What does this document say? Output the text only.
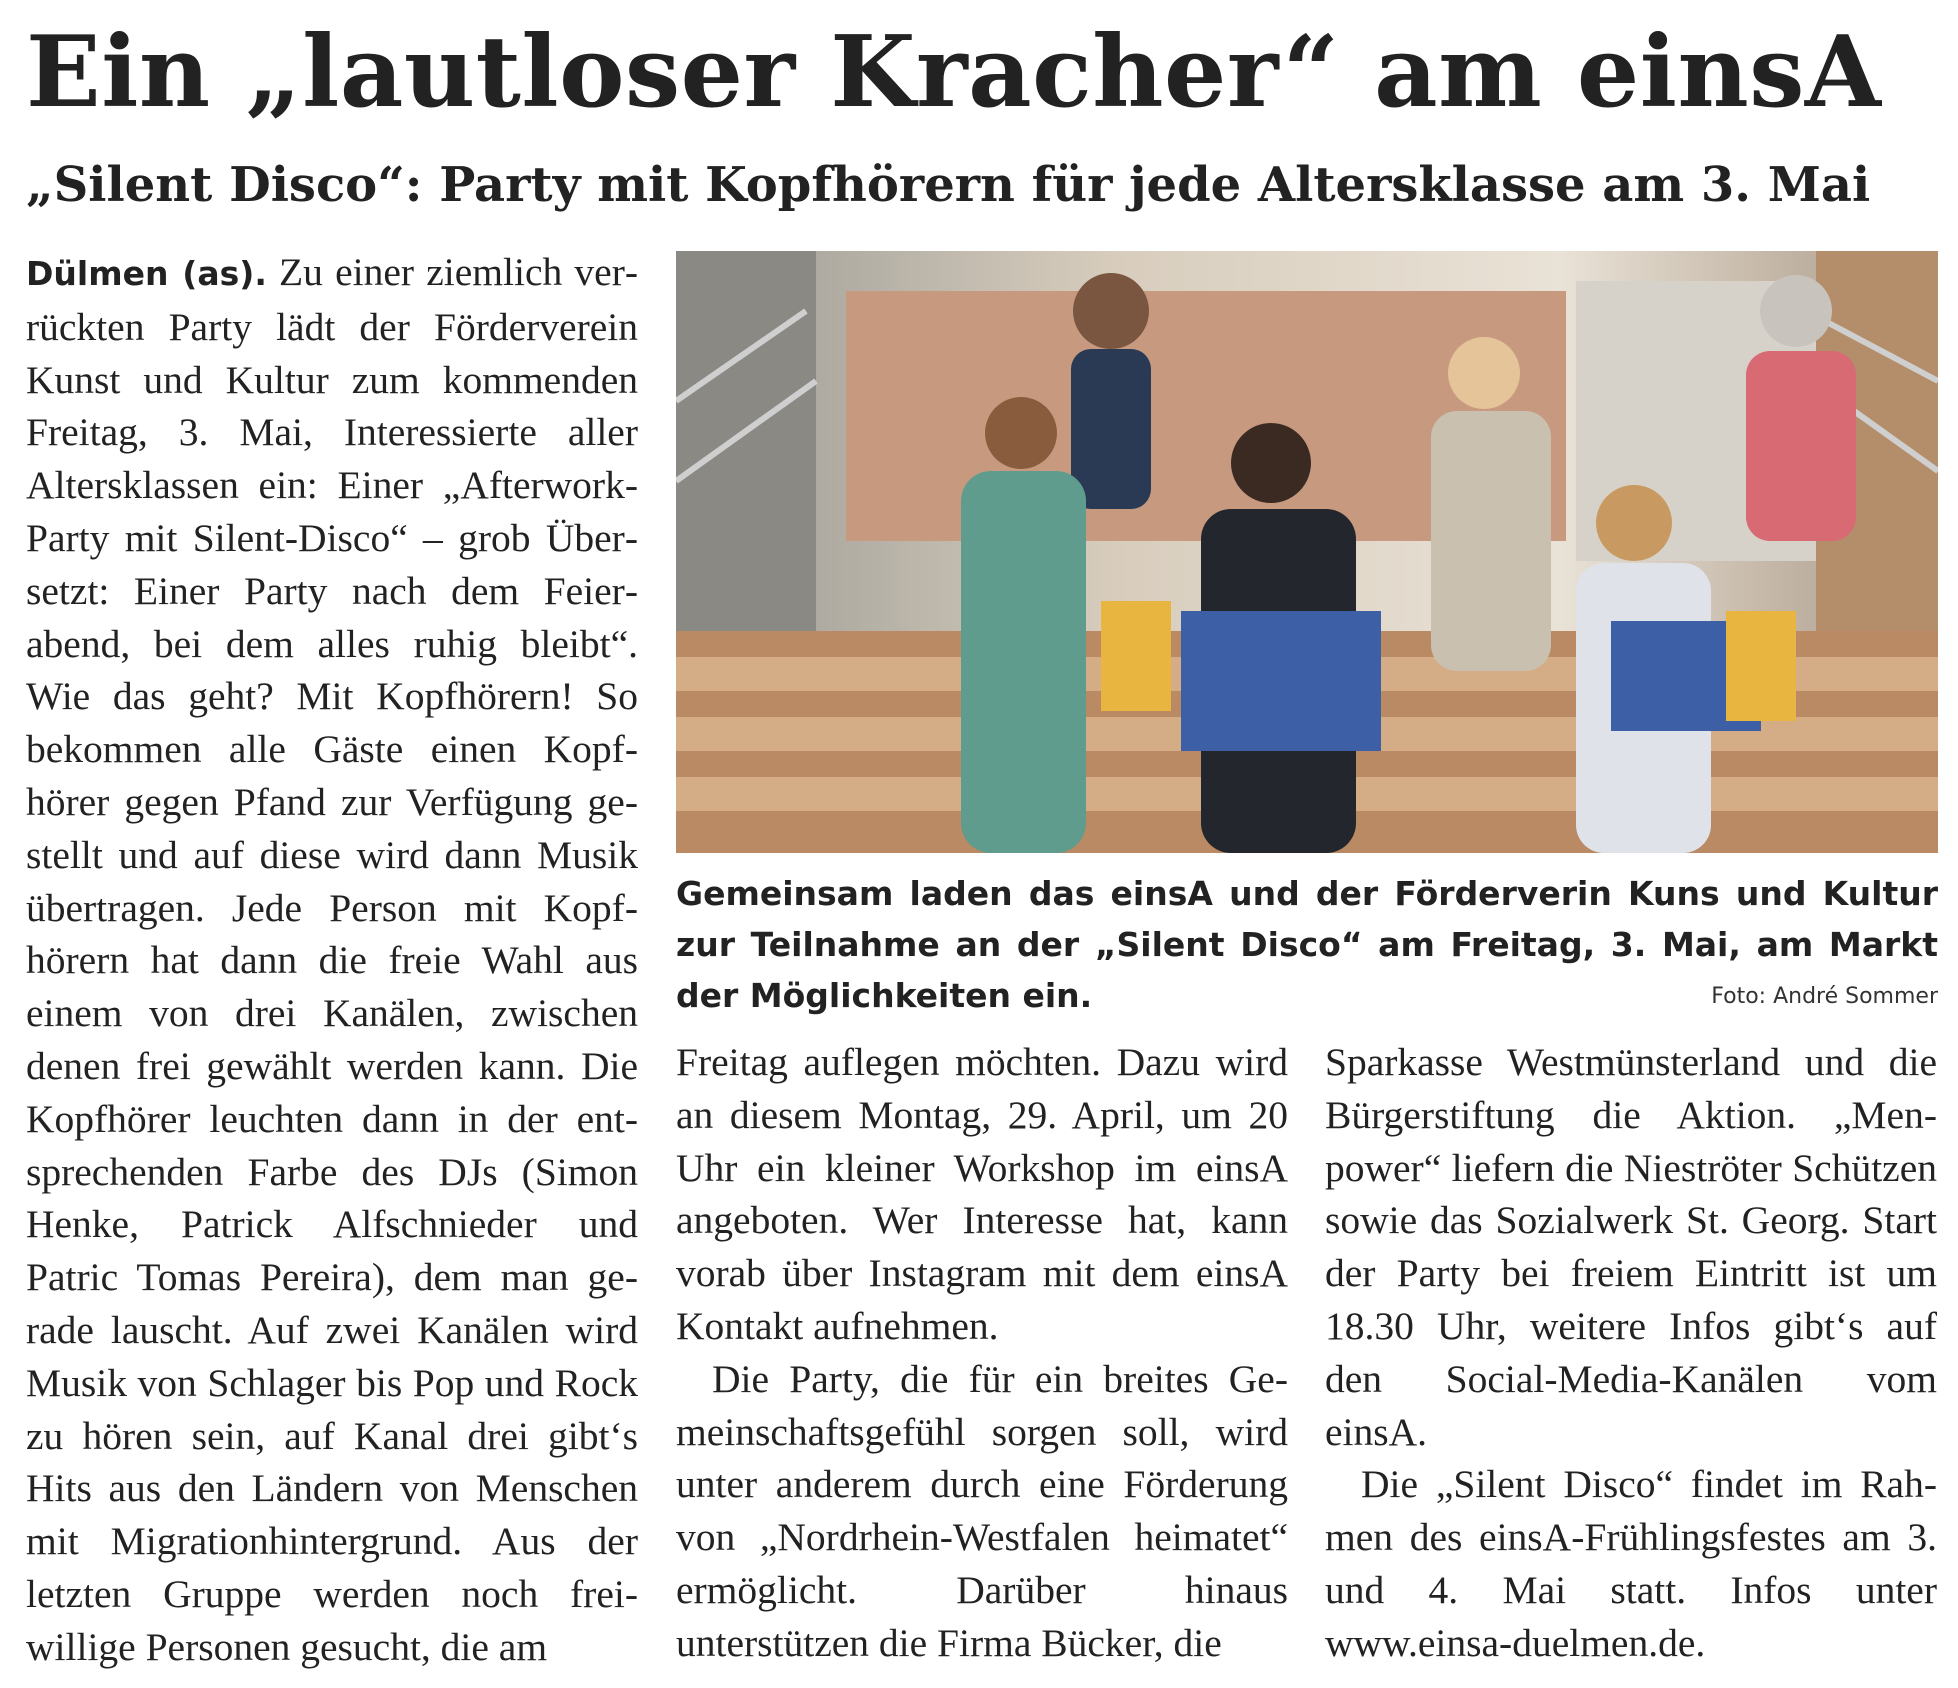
Ein „lautloser Kracher“ am einsA
„Silent Disco“: Party mit Kopfhörern für jede Altersklasse am 3. Mai

Dülmen (as). Zu einer ziemlich verrückten Party lädt der Förderverein Kunst und Kultur zum kommenden Freitag, 3. Mai, Interessierte aller Altersklassen ein: Einer „Afterwork-Party mit Silent-Disco“ – grob Übersetzt: Einer Party nach dem Feierabend, bei dem alles ruhig bleibt“. Wie das geht? Mit Kopfhörern! So bekommen alle Gäste einen Kopfhörer gegen Pfand zur Verfügung gestellt und auf diese wird dann Musik übertragen. Jede Person mit Kopfhörern hat dann die freie Wahl aus einem von drei Kanälen, zwischen denen frei gewählt werden kann. Die Kopfhörer leuchten dann in der entsprechenden Farbe des DJs (Simon Henke, Patrick Alfschnieder und Patric Tomas Pereira), dem man gerade lauscht. Auf zwei Kanälen wird Musik von Schlager bis Pop und Rock zu hören sein, auf Kanal drei gibt‘s Hits aus den Ländern von Menschen mit Migrationhintergrund. Aus der letzten Gruppe werden noch freiwillige Personen gesucht, die am

Gemeinsam laden das einsA und der Förderverin Kuns und Kultur zur Teilnahme an der „Silent Disco“ am Freitag, 3. Mai, am Markt der Möglichkeiten ein.	Foto: André Sommer

Freitag auflegen möchten. Dazu wird an diesem Montag, 29. April, um 20 Uhr ein kleiner Workshop im einsA angeboten. Wer Interesse hat, kann vorab über Instagram mit dem einsA Kontakt aufnehmen.

Die Party, die für ein breites Gemeinschaftsgefühl sorgen soll, wird unter anderem durch eine Förderung von „Nordrhein-Westfalen heimatet“ ermöglicht. Darüber hinaus unterstützen die Firma Bücker, die

Sparkasse Westmünsterland und die Bürgerstiftung die Aktion. „Menpower“ liefern die Nieströter Schützen sowie das Sozialwerk St. Georg. Start der Party bei freiem Eintritt ist um 18.30 Uhr, weitere Infos gibt‘s auf den Social-Media-Kanälen vom einsA.

Die „Silent Disco“ findet im Rahmen des einsA-Frühlingsfestes am 3. und 4. Mai statt. Infos unter www.einsa-duelmen.de.
